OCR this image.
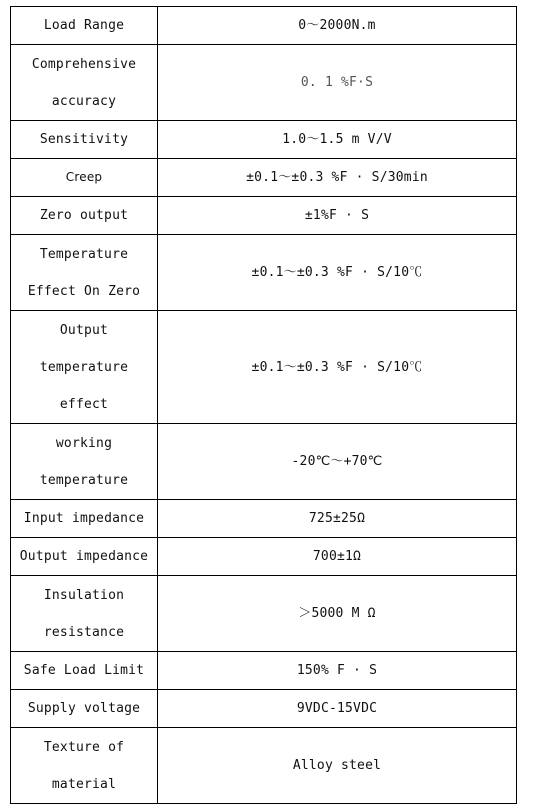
Load Range	0～2000N.m
Comprehensive accuracy	0. 1 %F·S
Sensitivity	1.0～1.5 m V/V
Creep	±0.1～±0.3 %F · S/30min
Zero output	±1%F · S
Temperature Effect On Zero	±0.1～±0.3 %F · S/10℃
Output temperature effect	±0.1～±0.3 %F · S/10℃
working temperature	-20℃～+70℃
Input impedance	725±25Ω
Output impedance	700±1Ω
Insulation resistance	＞5000 M Ω
Safe Load Limit	150% F · S
Supply voltage	9VDC-15VDC
Texture of material	Alloy steel
